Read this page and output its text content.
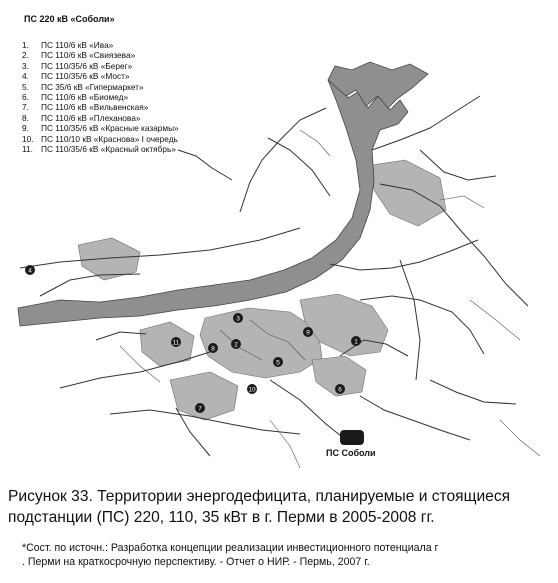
ПС 220 кВ «Соболи»
1. ПС 110/6 кВ «Ива»
2. ПС 110/6 кВ «Свиязева»
3. ПС 110/35/6 кВ «Берег»
4. ПС 110/35/6 кВ «Мост»
5. ПС 35/6 кВ «Гипермаркет»
6. ПС 110/6 кВ «Биомед»
7. ПС 110/6 кВ «Вильвенская»
8. ПС 110/6 кВ «Плеханова»
9. ПС 110/35/6 кВ «Красные казармы»
10. ПС 110/10 кВ «Краснова» I очередь
11. ПС 110/35/6 кВ «Красный октябрь»
1
2
3
4
5
6
7
8
9
10
11
ПС Соболи
Рисунок 33. Территории энергодефицита, планируемые и стоящиеся подстанции (ПС) 220, 110, 35 кВт в г. Перми в 2005-2008 гг.
*Сост. по источн.: Разработка концепции реализации инвестиционного потенциала г
. Перми на краткосрочную перспективу. - Отчет о НИР. - Пермь, 2007 г.
